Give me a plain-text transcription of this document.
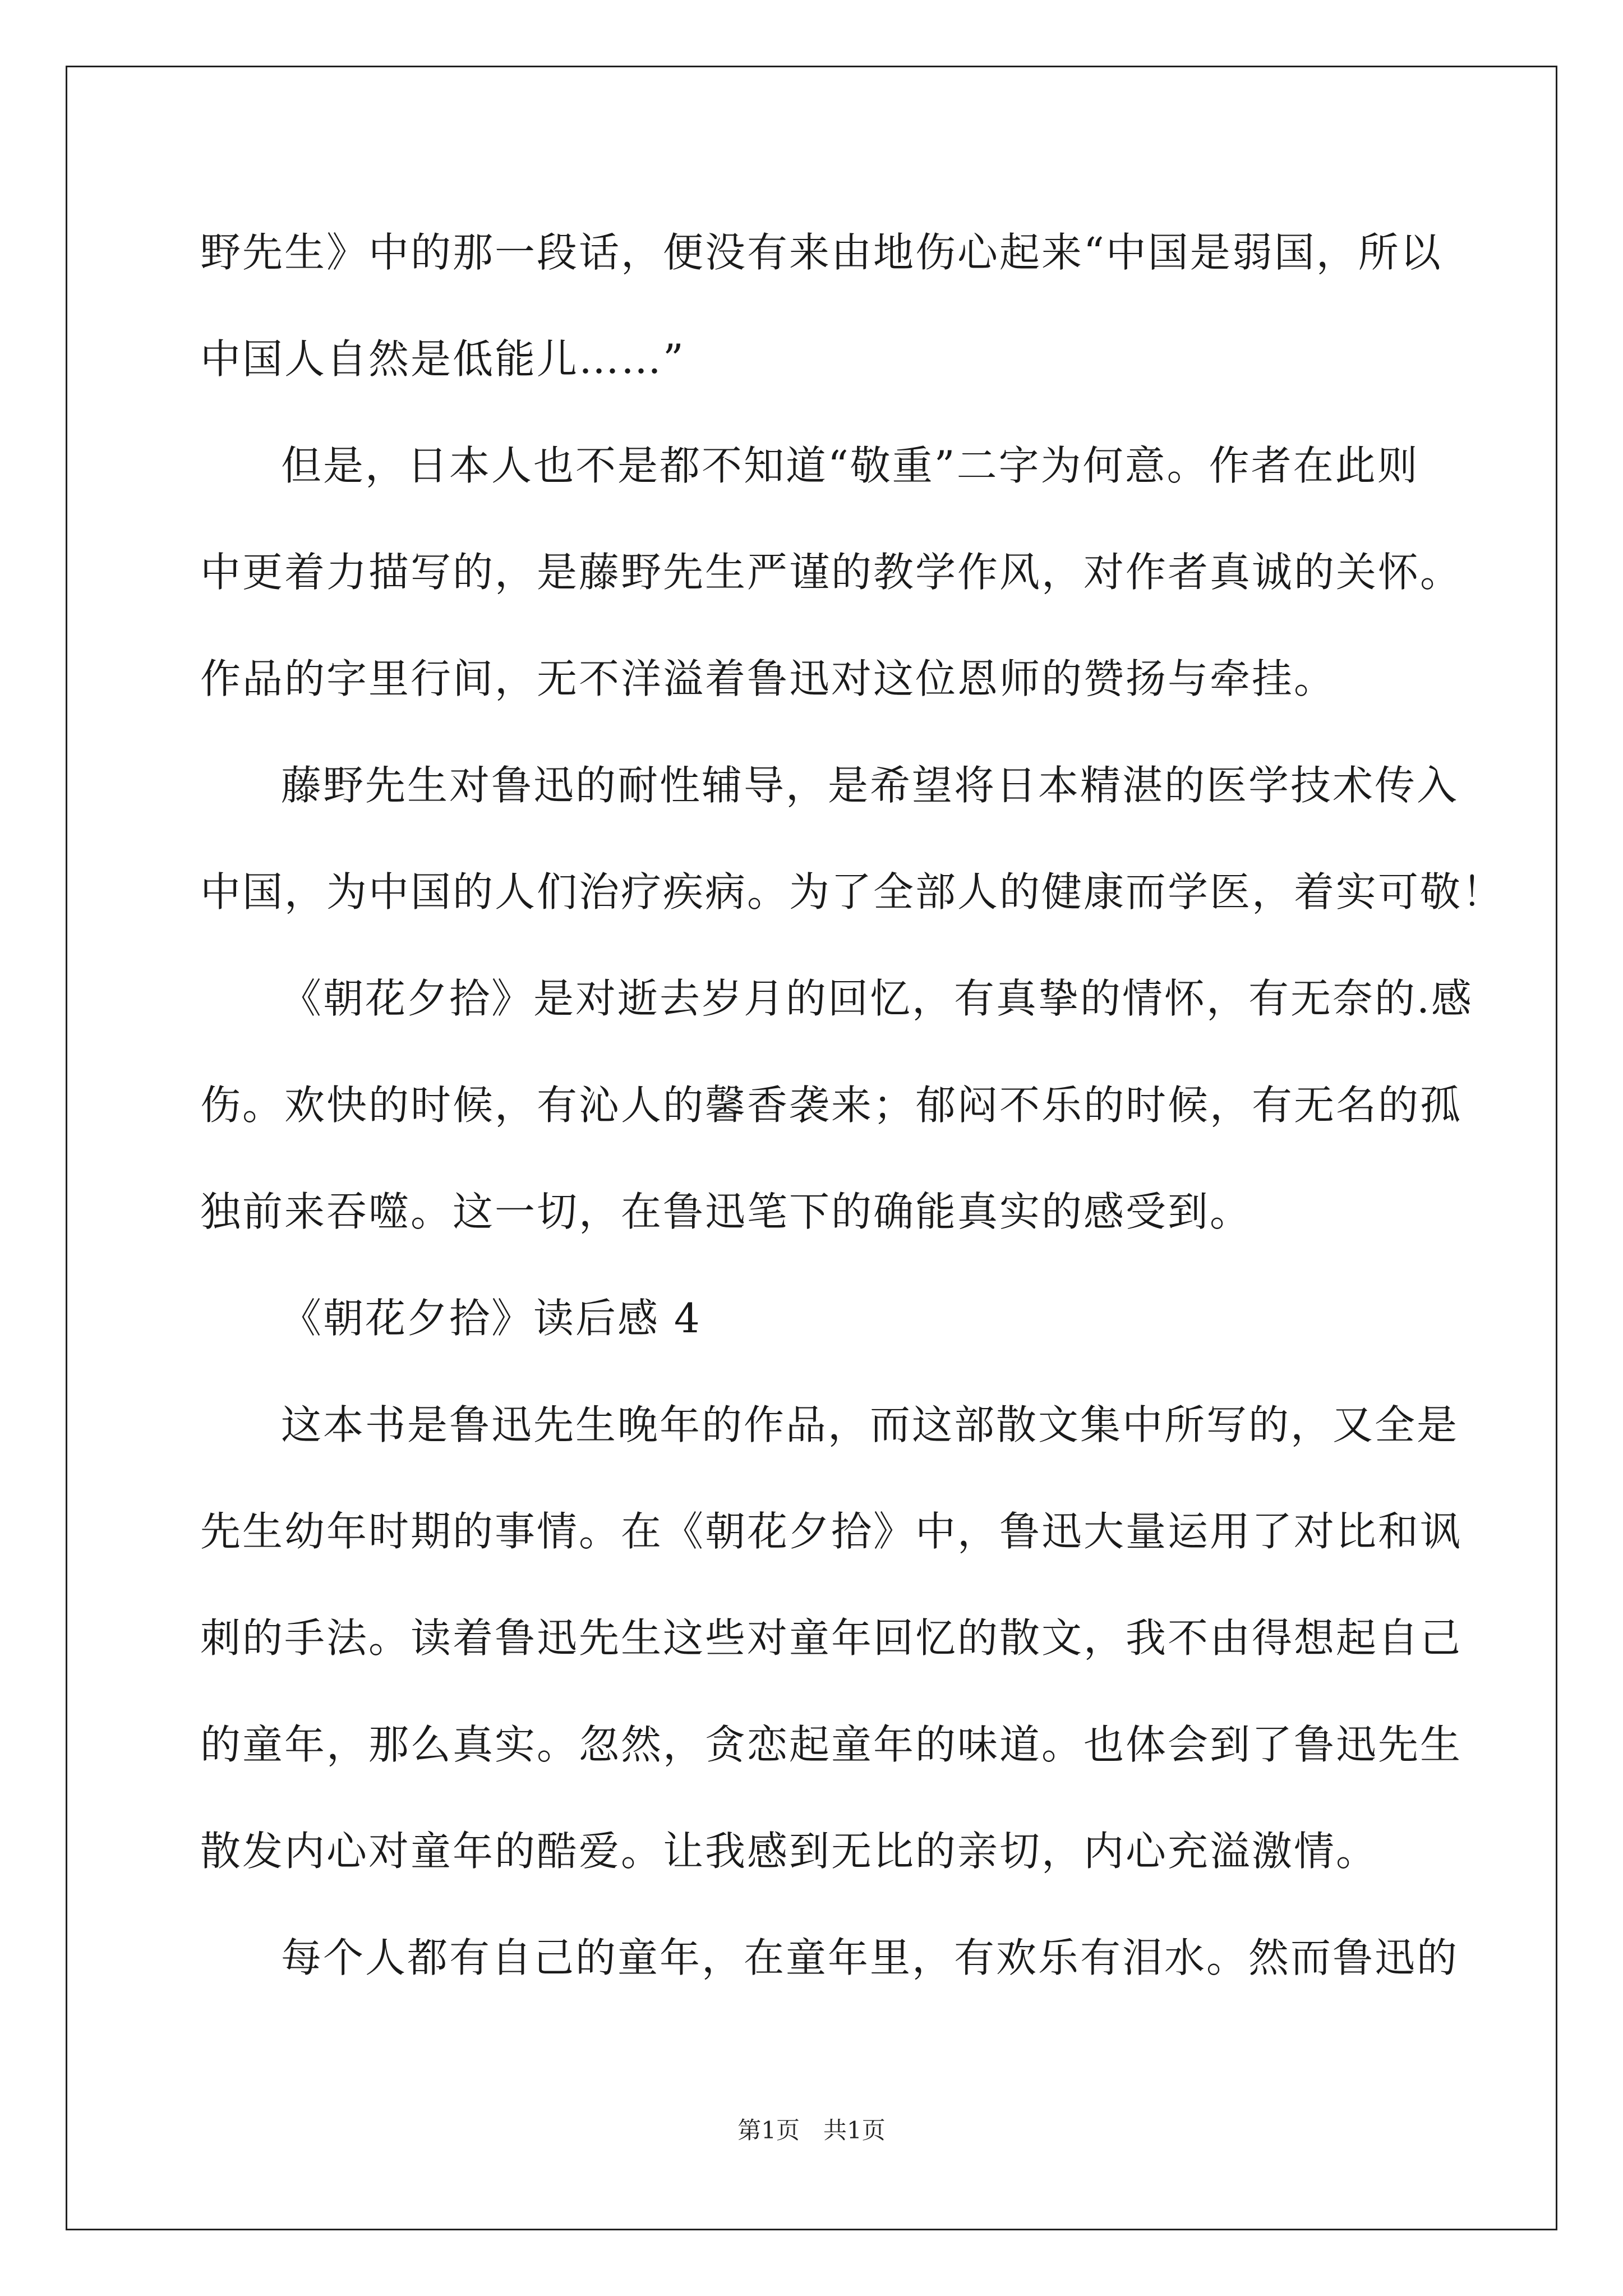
野先生》中的那一段话，便没有来由地伤心起来“中国是弱国，所以
中国人自然是低能儿……”
但是，日本人也不是都不知道“敬重”二字为何意。作者在此则
中更着力描写的，是藤野先生严谨的教学作风，对作者真诚的关怀。
作品的字里行间，无不洋溢着鲁迅对这位恩师的赞扬与牵挂。
藤野先生对鲁迅的耐性辅导，是希望将日本精湛的医学技术传入
中国，为中国的人们治疗疾病。为了全部人的健康而学医，着实可敬！
《朝花夕拾》是对逝去岁月的回忆，有真挚的情怀，有无奈的.感
伤。欢快的时候，有沁人的馨香袭来；郁闷不乐的时候，有无名的孤
独前来吞噬。这一切，在鲁迅笔下的确能真实的感受到。
《朝花夕拾》读后感 4
这本书是鲁迅先生晚年的作品，而这部散文集中所写的，又全是
先生幼年时期的事情。在《朝花夕拾》中，鲁迅大量运用了对比和讽
刺的手法。读着鲁迅先生这些对童年回忆的散文，我不由得想起自己
的童年，那么真实。忽然，贪恋起童年的味道。也体会到了鲁迅先生
散发内心对童年的酷爱。让我感到无比的亲切，内心充溢激情。
每个人都有自己的童年，在童年里，有欢乐有泪水。然而鲁迅的
第1页　共1页
